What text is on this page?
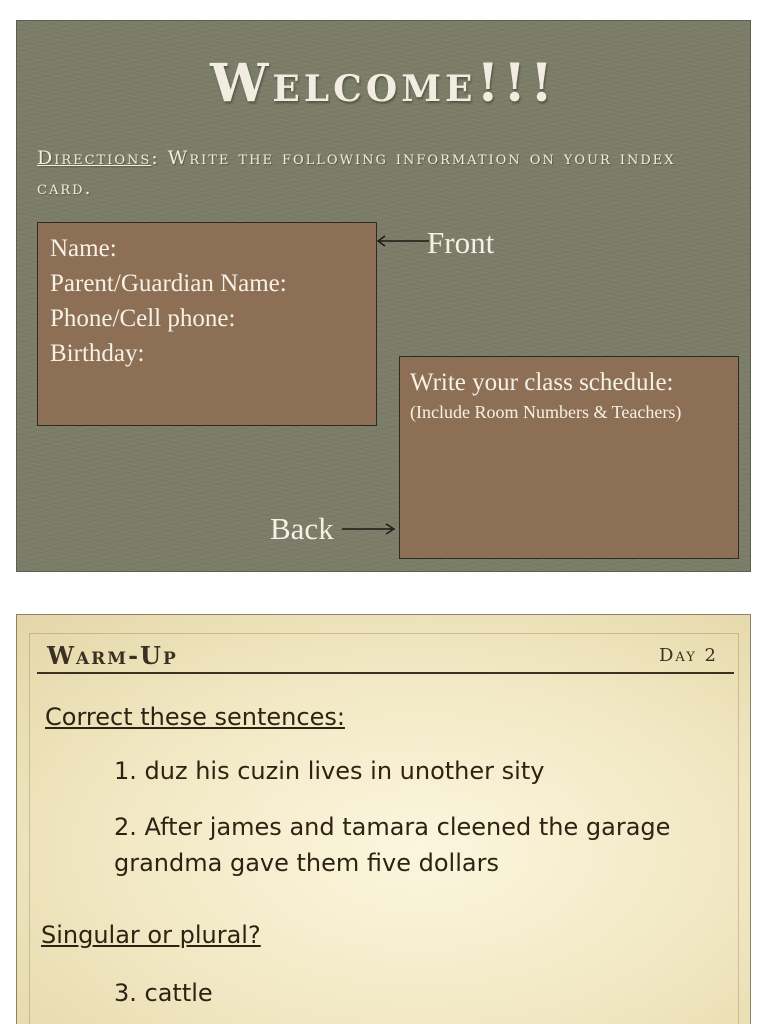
Welcome!!!

Directions: Write the following information on your index card.

Name:
Parent/Guardian Name:
Phone/Cell phone:
Birthday:
Front
Write your class schedule:
(Include Room Numbers & Teachers)
Back
Warm-Up	Day 2

Correct these sentences:

1. duz his cuzin lives in unother sity

2. After james and tamara cleened the garage

grandma gave them five dollars

Singular or plural?

3. cattle
